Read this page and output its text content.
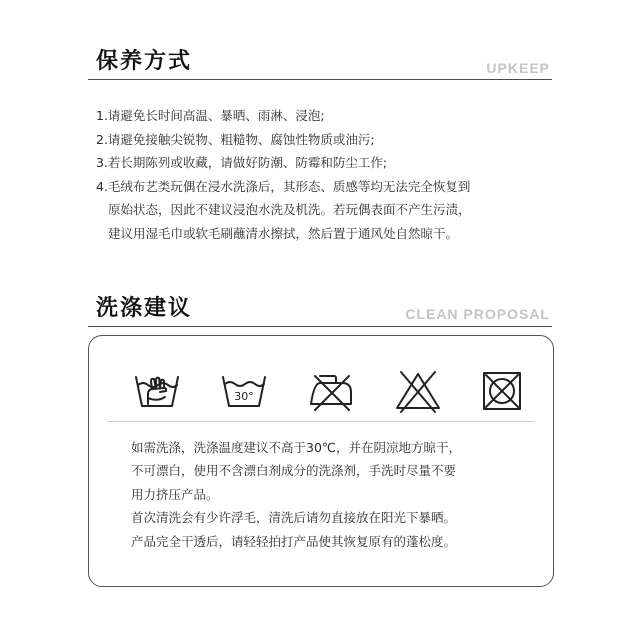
保养方式	UPKEEP
1.请避免长时间高温、暴晒、雨淋、浸泡;
2.请避免接触尖锐物、粗糙物、腐蚀性物质或油污;
3.若长期陈列或收藏，请做好防潮、防霉和防尘工作;
4.毛绒布艺类玩偶在浸水洗涤后，其形态、质感等均无法完全恢复到
原始状态，因此不建议浸泡水洗及机洗。若玩偶表面不产生污渍，
建议用湿毛巾或软毛刷蘸清水擦拭，然后置于通风处自然晾干。
洗涤建议	CLEAN PROPOSAL
30°
如需洗涤，洗涤温度建议不高于30℃，并在阴凉地方晾干，
不可漂白，使用不含漂白剂成分的洗涤剂，手洗时尽量不要
用力挤压产品。
首次清洗会有少许浮毛，清洗后请勿直接放在阳光下暴晒。
产品完全干透后，请轻轻拍打产品使其恢复原有的蓬松度。
